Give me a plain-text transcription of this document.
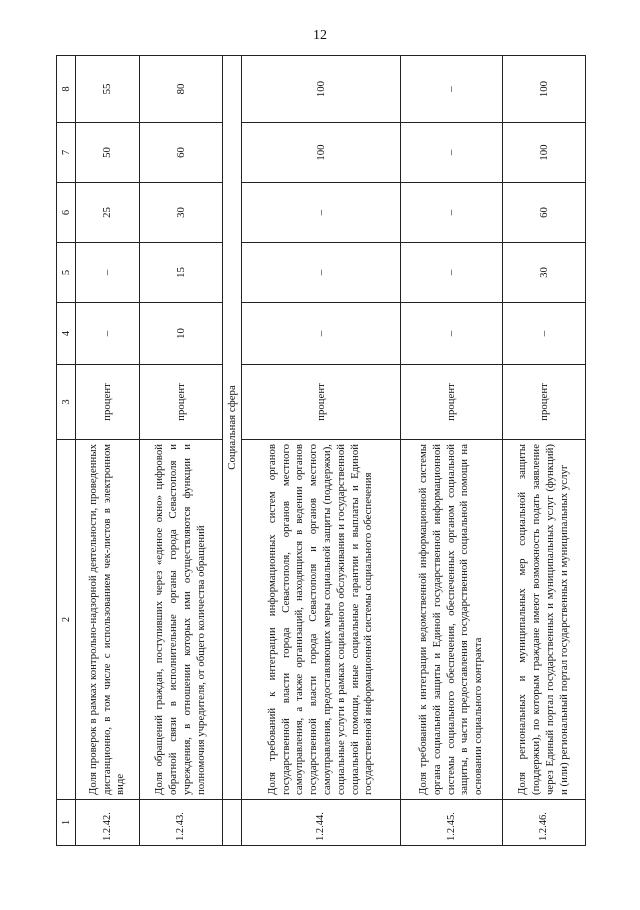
12
1	2	3	4	5	6	7	8
1.2.42.	Доля проверок в рамках контрольно-надзорной деятельности, проведенных дистанционно, в том числе с использованием чек-листов в электронном виде	процент	–	–	25	50	55
1.2.43.	Доля обращений граждан, поступивших через «единое окно» цифровой обратной связи в исполнительные органы города Севастополя и учреждения, в отношении которых ими осуществляются функции и полномочия учредителя, от общего количества обращений	процент	10	15	30	60	80
	Социальная сфера						
1.2.44.	Доля требований к интеграции информационных систем органов государственной власти города Севастополя, органов местного самоуправления, а также организаций, находящихся в ведении органов государственной власти города Севастополя и органов местного самоуправления, предоставляющих меры социальной защиты (поддержки), социальные услуги в рамках социального обслуживания и государственной социальной помощи, иные социальные гарантии и выплаты и Единой государственной информационной системы социального обеспечения	процент	–	–	–	100	100
1.2.45.	Доля требований к интеграции ведомственной информационной системы органа социальной защиты и Единой государственной информационной системы социального обеспечения, обеспеченных органом социальной защиты, в части предоставления государственной социальной помощи на основании социального контракта	процент	–	–	–	–	–
1.2.46.	Доля региональных и муниципальных мер социальной защиты (поддержки), по которым граждане имеют возможность подать заявление через Единый портал государственных и муниципальных услуг (функций) и (или) региональный портал государственных и муниципальных услуг	процент	–	30	60	100	100
